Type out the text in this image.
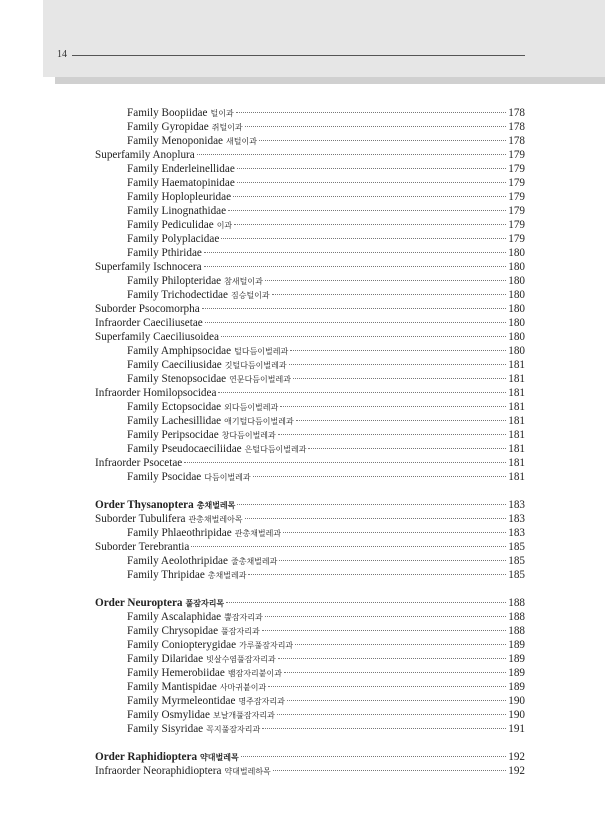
14
Family Boopiidae 털이과	178
Family Gyropidae 쥐털이과	178
Family Menoponidae 새털이과	178
Superfamily Anoplura	179
Family Enderleinellidae	179
Family Haematopinidae	179
Family Hoplopleuridae	179
Family Linognathidae	179
Family Pediculidae 이과	179
Family Polyplacidae	179
Family Pthiridae	180
Superfamily Ischnocera	180
Family Philopteridae 참새털이과	180
Family Trichodectidae 짐승털이과	180
Suborder Psocomorpha	180
Infraorder Caeciliusetae	180
Superfamily Caeciliusoidea	180
Family Amphipsocidae 털다듬이벌레과	180
Family Caeciliusidae 깃털다듬이벌레과	181
Family Stenopsocidae 연문다듬이벌레과	181
Infraorder Homilopsocidea	181
Family Ectopsocidae 외다듬이벌레과	181
Family Lachesillidae 애기털다듬이벌레과	181
Family Peripsocidae 창다듬이벌레과	181
Family Pseudocaeciliidae 은털다듬이벌레과	181
Infraorder Psocetae	181
Family Psocidae 다듬이벌레과	181
Order Thysanoptera 총채벌레목	183
Suborder Tubulifera 관총채벌레아목	183
Family Phlaeothripidae 관총채벌레과	183
Suborder Terebrantia	185
Family Aeolothripidae 줄총채벌레과	185
Family Thripidae 총채벌레과	185
Order Neuroptera 풀잠자리목	188
Family Ascalaphidae 뿔잠자리과	188
Family Chrysopidae 풀잠자리과	188
Family Coniopterygidae 가루풀잠자리과	189
Family Dilaridae 빗살수염풀잠자리과	189
Family Hemerobiidae 뱀잠자리붙이과	189
Family Mantispidae 사마귀붙이과	189
Family Myrmeleontidae 명주잠자리과	190
Family Osmylidae 보날개풀잠자리과	190
Family Sisyridae 꼭지풀잠자리과	191
Order Raphidioptera 약대벌레목	192
Infraorder Neoraphidioptera 약대벌레하목	192
